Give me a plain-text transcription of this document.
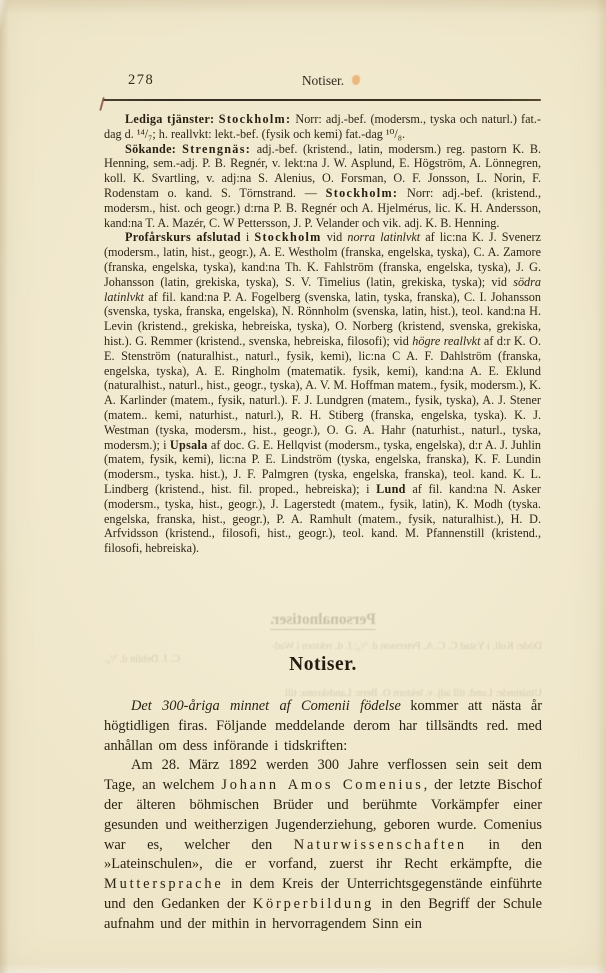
278	Notiser.

Lediga tjänster: Stockholm: Norr: adj.-bef. (modersm., tyska och naturl.) fat.-dag d. ¹⁴/₇; h. reallvkt: lekt.-bef. (fysik och kemi) fat.-dag ¹⁰/₈.

Sökande: Strengnäs: adj.-bef. (kristend., latin, modersm.) reg. pastorn K. B. Henning, sem.-adj. P. B. Regnér, v. lekt:na J. W. Asplund, E. Högström, A. Lönnegren, koll. K. Svartling, v. adj:na S. Alenius, O. Forsman, O. F. Jonsson, L. Norin, F. Rodenstam o. kand. S. Törnstrand. — Stockholm: Norr: adj.-bef. (kristend., modersm., hist. och geogr.) d:rna P. B. Regnér och A. Hjelmérus, lic. K. H. Andersson, kand:na T. A. Mazér, C. W Pettersson, J. P. Velander och vik. adj. K. B. Henning.

Profårskurs afslutad i Stockholm vid norra latinlvkt af lic:na K. J. Svenerz (modersm., latin, hist., geogr.), A. E. Westholm (franska, engelska, tyska), C. A. Zamore (franska, engelska, tyska), kand:na Th. K. Fahlström (franska, engelska, tyska), J. G. Johansson (latin, grekiska, tyska), S. V. Timelius (latin, grekiska, tyska); vid södra latinlvkt af fil. kand:na P. A. Fogelberg (svenska, latin, tyska, franska), C. I. Johansson (svenska, tyska, franska, engelska), N. Rönnholm (svenska, latin, hist.), teol. kand:na H. Levin (kristend., grekiska, hebreiska, tyska), O. Norberg (kristend, svenska, grekiska, hist.). G. Remmer (kristend., svenska, hebreiska, filosofi); vid högre reallvkt af d:r K. O. E. Stenström (naturalhist., naturl., fysik, kemi), lic:na C A. F. Dahlström (franska, engelska, tyska), A. E. Ringholm (matematik. fysik, kemi), kand:na A. E. Eklund (naturalhist., naturl., hist., geogr., tyska), A. V. M. Hoffman matem., fysik, modersm.), K. A. Karlinder (matem., fysik, naturl.). F. J. Lundgren (matem., fysik, tyska), A. J. Stener (matem.. kemi, naturhist., naturl.), R. H. Stiberg (franska, engelska, tyska). K. J. Westman (tyska, modersm., hist., geogr.), O. G. A. Hahr (naturhist., naturl., tyska, modersm.); i Upsala af doc. G. E. Hellqvist (modersm., tyska, engelska), d:r A. J. Juhlin (matem, fysik, kemi), lic:na P. E. Lindström (tyska, engelska, franska), K. F. Lundin (modersm., tyska. hist.), J. F. Palmgren (tyska, engelska, franska), teol. kand. K. L. Lindberg (kristend., hist. fil. proped., hebreiska); i Lund af fil. kand:na N. Asker (modersm., tyska, hist., geogr.), J. Lagerstedt (matem., fysik, latin), K. Modh (tyska. engelska, franska, hist., geogr.), P. A. Ramhult (matem., fysik, naturalhist.), H. D. Arfvidsson (kristend., filosofi, hist., geogr.), teol. kand. M. Pfannenstill (kristend., filosofi, hebreiska).

Personalnotiser.
Döde: Koll. i Ystad C. C. A. Petersson d. ⁹/₆; f. d. rektorn i Wad-
C. J. Dehlin d. ⁹/₆.
Utnämnde: Lund: till adj. v. lektorn O. Bern: Landskrona: till
Notiser.

Det 300-åriga minnet af Comenii födelse kommer att nästa år högtidligen firas. Följande meddelande derom har tillsändts red. med anhållan om dess införande i tidskriften:

Am 28. März 1892 werden 300 Jahre verflossen sein seit dem Tage, an welchem Johann Amos Comenius, der letzte Bischof der älteren böhmischen Brüder und berühmte Vorkämpfer einer gesunden und weitherzigen Jugenderziehung, geboren wurde. Comenius war es, welcher den Naturwissenschaften in den »Lateinschulen», die er vorfand, zuerst ihr Recht erkämpfte, die Muttersprache in dem Kreis der Unterrichtsgegenstände einführte und den Gedanken der Körperbildung in den Begriff der Schule aufnahm und der mithin in hervorragendem Sinn ein
